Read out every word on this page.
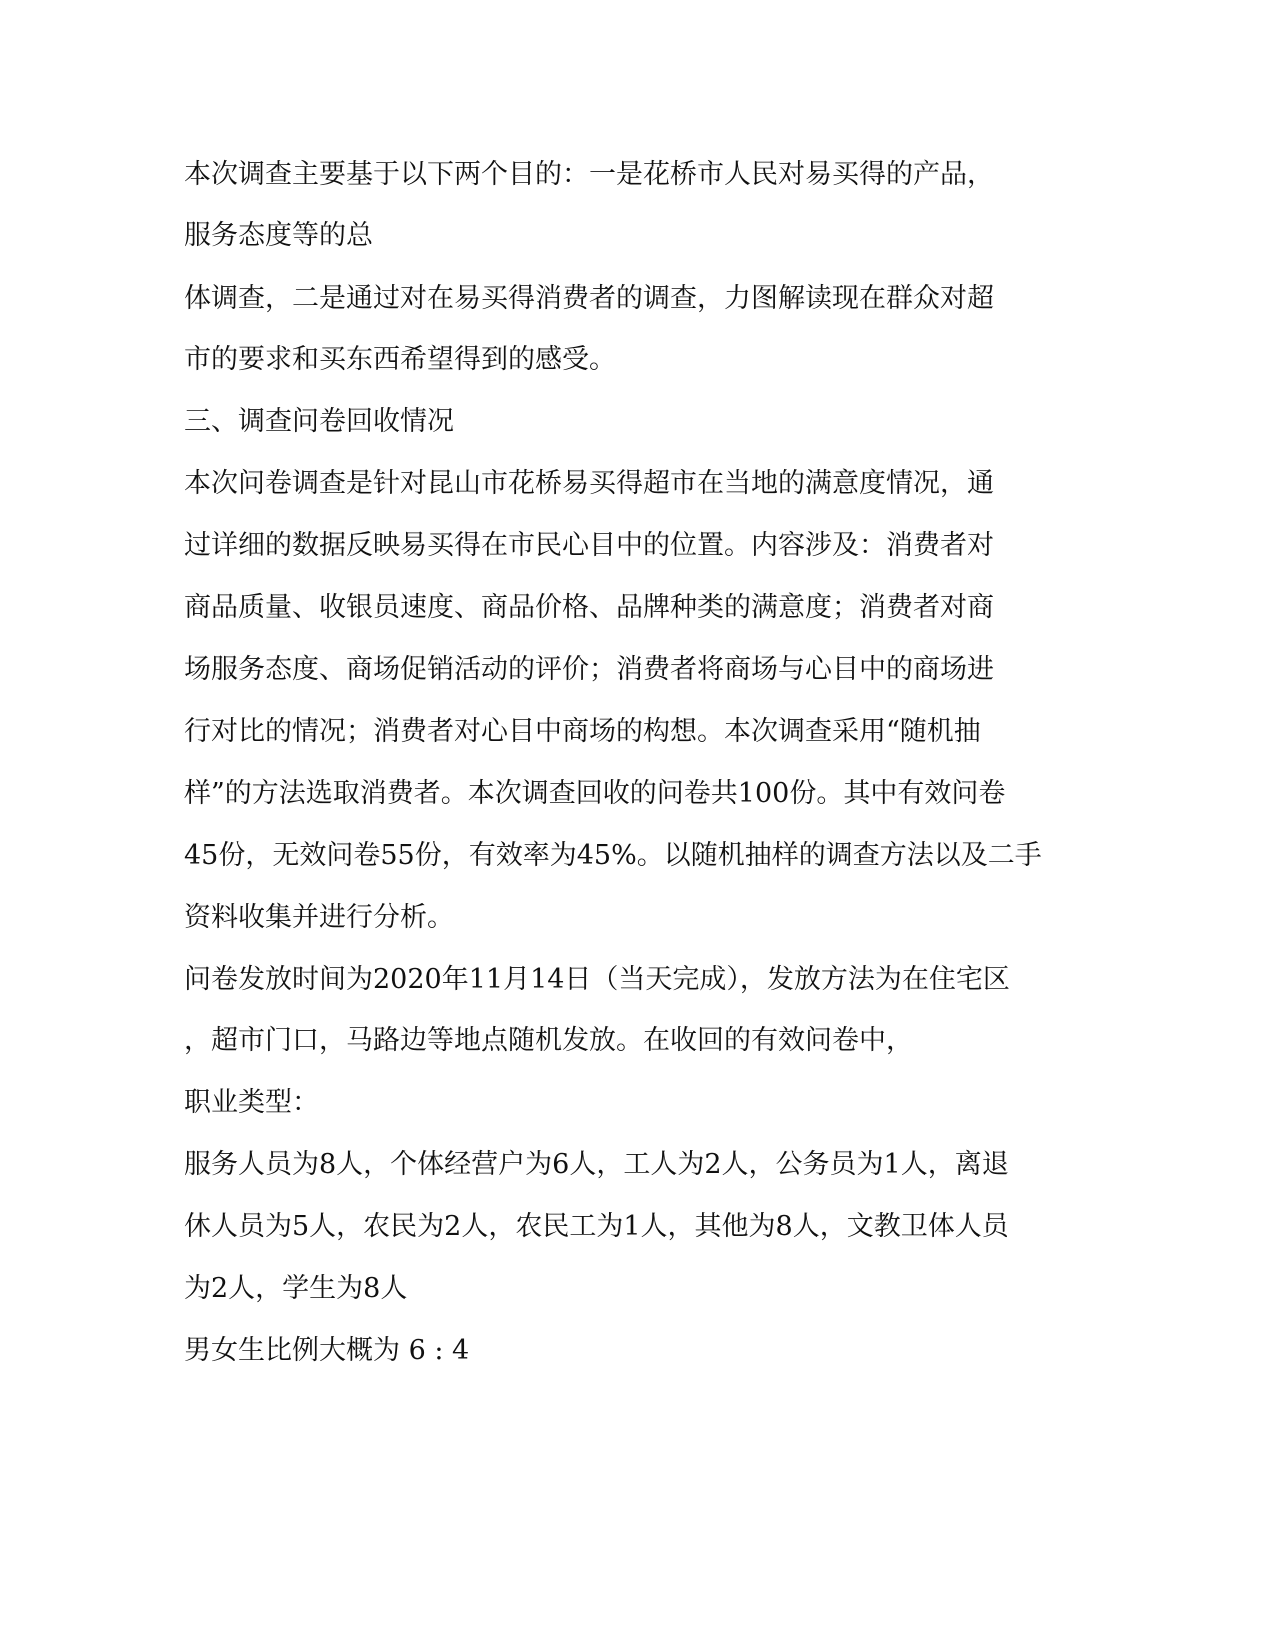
本次调查主要基于以下两个目的：一是花桥市人民对易买得的产品，
服务态度等的总
体调查，二是通过对在易买得消费者的调查，力图解读现在群众对超
市的要求和买东西希望得到的感受。
三、调查问卷回收情况
本次问卷调查是针对昆山市花桥易买得超市在当地的满意度情况，通
过详细的数据反映易买得在市民心目中的位置。内容涉及：消费者对
商品质量、收银员速度、商品价格、品牌种类的满意度；消费者对商
场服务态度、商场促销活动的评价；消费者将商场与心目中的商场进
行对比的情况；消费者对心目中商场的构想。本次调查采用“随机抽
样”的方法选取消费者。本次调查回收的问卷共100份。其中有效问卷
45份，无效问卷55份，有效率为45%。以随机抽样的调查方法以及二手
资料收集并进行分析。
问卷发放时间为2020年11月14日（当天完成），发放方法为在住宅区
，超市门口，马路边等地点随机发放。在收回的有效问卷中，
职业类型：
服务人员为8人，个体经营户为6人，工人为2人，公务员为1人，离退
休人员为5人，农民为2人，农民工为1人，其他为8人，文教卫体人员
为2人，学生为8人
男女生比例大概为 6 : 4
